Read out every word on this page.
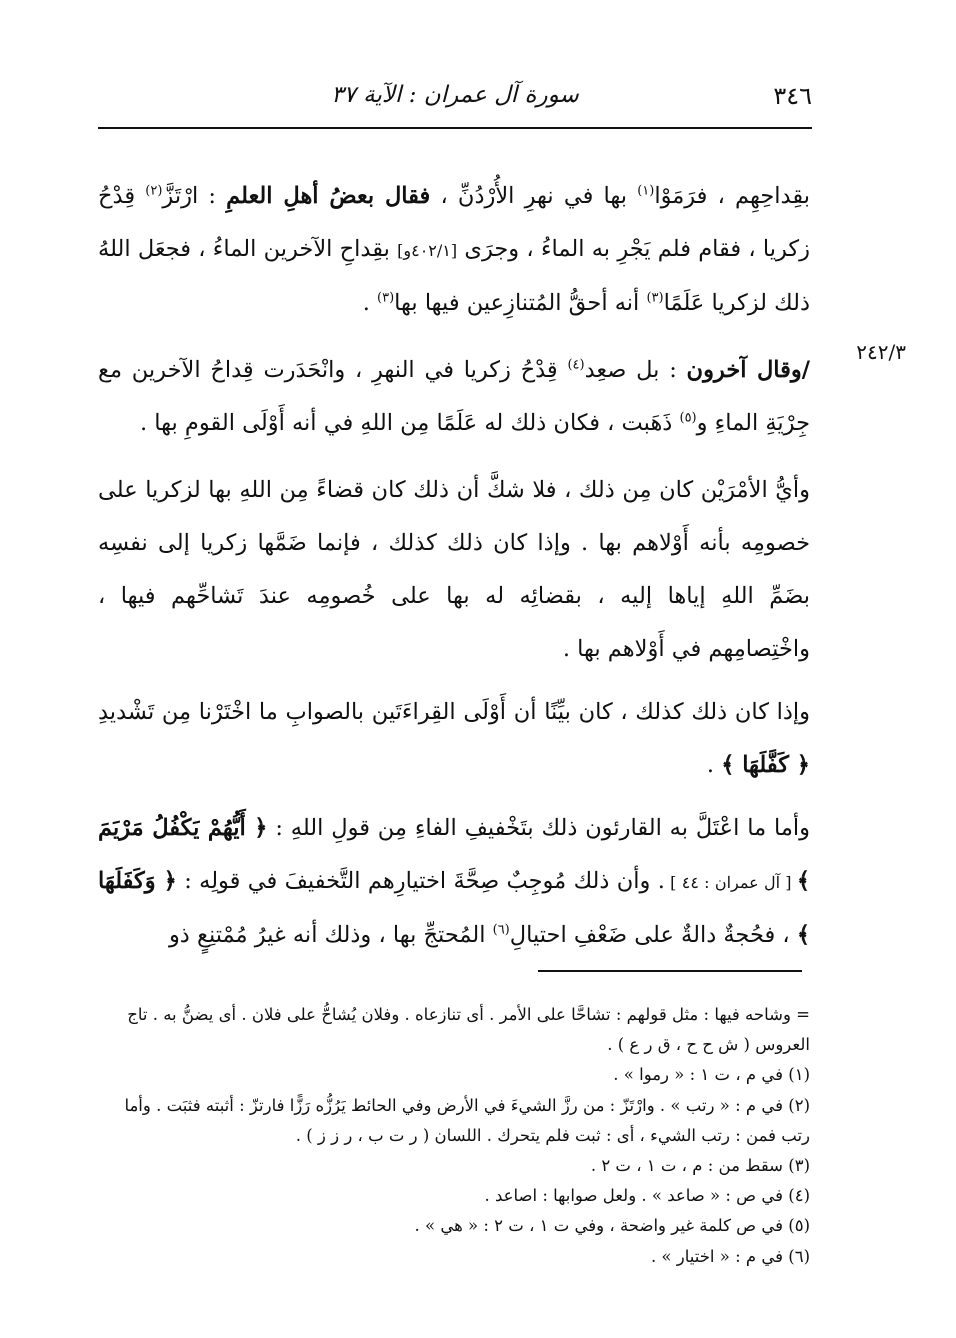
٣٤٦
سورة آل عمران : الآية ٣٧
٢٤٢/٣

بقِداحِهِم ، فرَمَوْا$^{(١)}$ بها في نهرِ الأُرْدُنِّ ، فقال بعضُ أهلِ العلمِ : ارْتَزَّ$^{(٢)}$ قِدْحُ زكريا ، فقام فلم يَجْرِ به الماءُ ، وجرَى [٤٠٢/١و] بقِداحِ الآخرين الماءُ ، فجعَل اللهُ ذلك لزكريا عَلَمًا$^{(٣)}$ أنه أحقُّ المُتنازِعين فيها بها$^{(٣)}$ .

/وقال آخرون : بل صعِد$^{(٤)}$ قِدْحُ زكريا في النهرِ ، وانْحَدَرت قِداحُ الآخرين مع جِرْيَةِ الماءِ و$^{(٥)}$ ذَهَبت ، فكان ذلك له عَلَمًا مِن اللهِ في أنه أَوْلَى القومِ بها .

وأيُّ الأمْرَيْن كان مِن ذلك ، فلا شكَّ أن ذلك كان قضاءً مِن اللهِ بها لزكريا على خصومِه بأنه أَوْلاهم بها . وإذا كان ذلك كذلك ، فإنما ضَمَّها زكريا إلى نفسِه بضَمِّ اللهِ إياها إليه ، بقضائِه له بها على خُصومِه عندَ تَشاحِّهم فيها ، واخْتِصامِهم في أَوْلاهم بها .

وإذا كان ذلك كذلك ، كان بيِّنًا أن أَوْلَى القِراءَتَين بالصوابِ ما اخْتَرْنا مِن تَشْديدِ ﴿ كَفَّلَهَا ﴾ .

وأما ما اعْتَلَّ به القارئون ذلك بتَخْفيفِ الفاءِ مِن قولِ اللهِ : ﴿ أَيُّهُمْ يَكْفُلُ مَرْيَمَ ﴾ [ آل عمران : ٤٤ ] . وأن ذلك مُوجِبٌ صِحَّةَ اختيارِهم التَّخفيفَ في قولِه : ﴿ وَكَفَلَهَا ﴾ ، فحُجةٌ دالةٌ على ضَعْفِ احتيالِ$^{(٦)}$ المُحتجِّ بها ، وذلك أنه غيرُ مُمْتنِعٍ ذو

= وشاحه فيها : مثل قولهم : تشاحَّا على الأمر . أى تنازعاه . وفلان يُشاحُّ على فلان . أى يضنُّ به . تاج العروس ( ش ح ح ، ق ر ع ) .

(١) في م ، ت ١ : « رموا » .

(٢) في م : « رتب » . وارْتَزّ : من رزَّ الشيءَ في الأرض وفي الحائط يَرُزُّه رَزًّا فارتزّ : أثبته فثبَت . وأما رتب فمن : رتب الشيء ، أى : ثبت فلم يتحرك . اللسان ( ر ت ب ، ر ز ز ) .

(٣) سقط من : م ، ت ١ ، ت ٢ .

(٤) في ص : « صاعد » . ولعل صوابها : اصاعد .

(٥) في ص كلمة غير واضحة ، وفي ت ١ ، ت ٢ : « هي » .

(٦) في م : « اختيار » .
